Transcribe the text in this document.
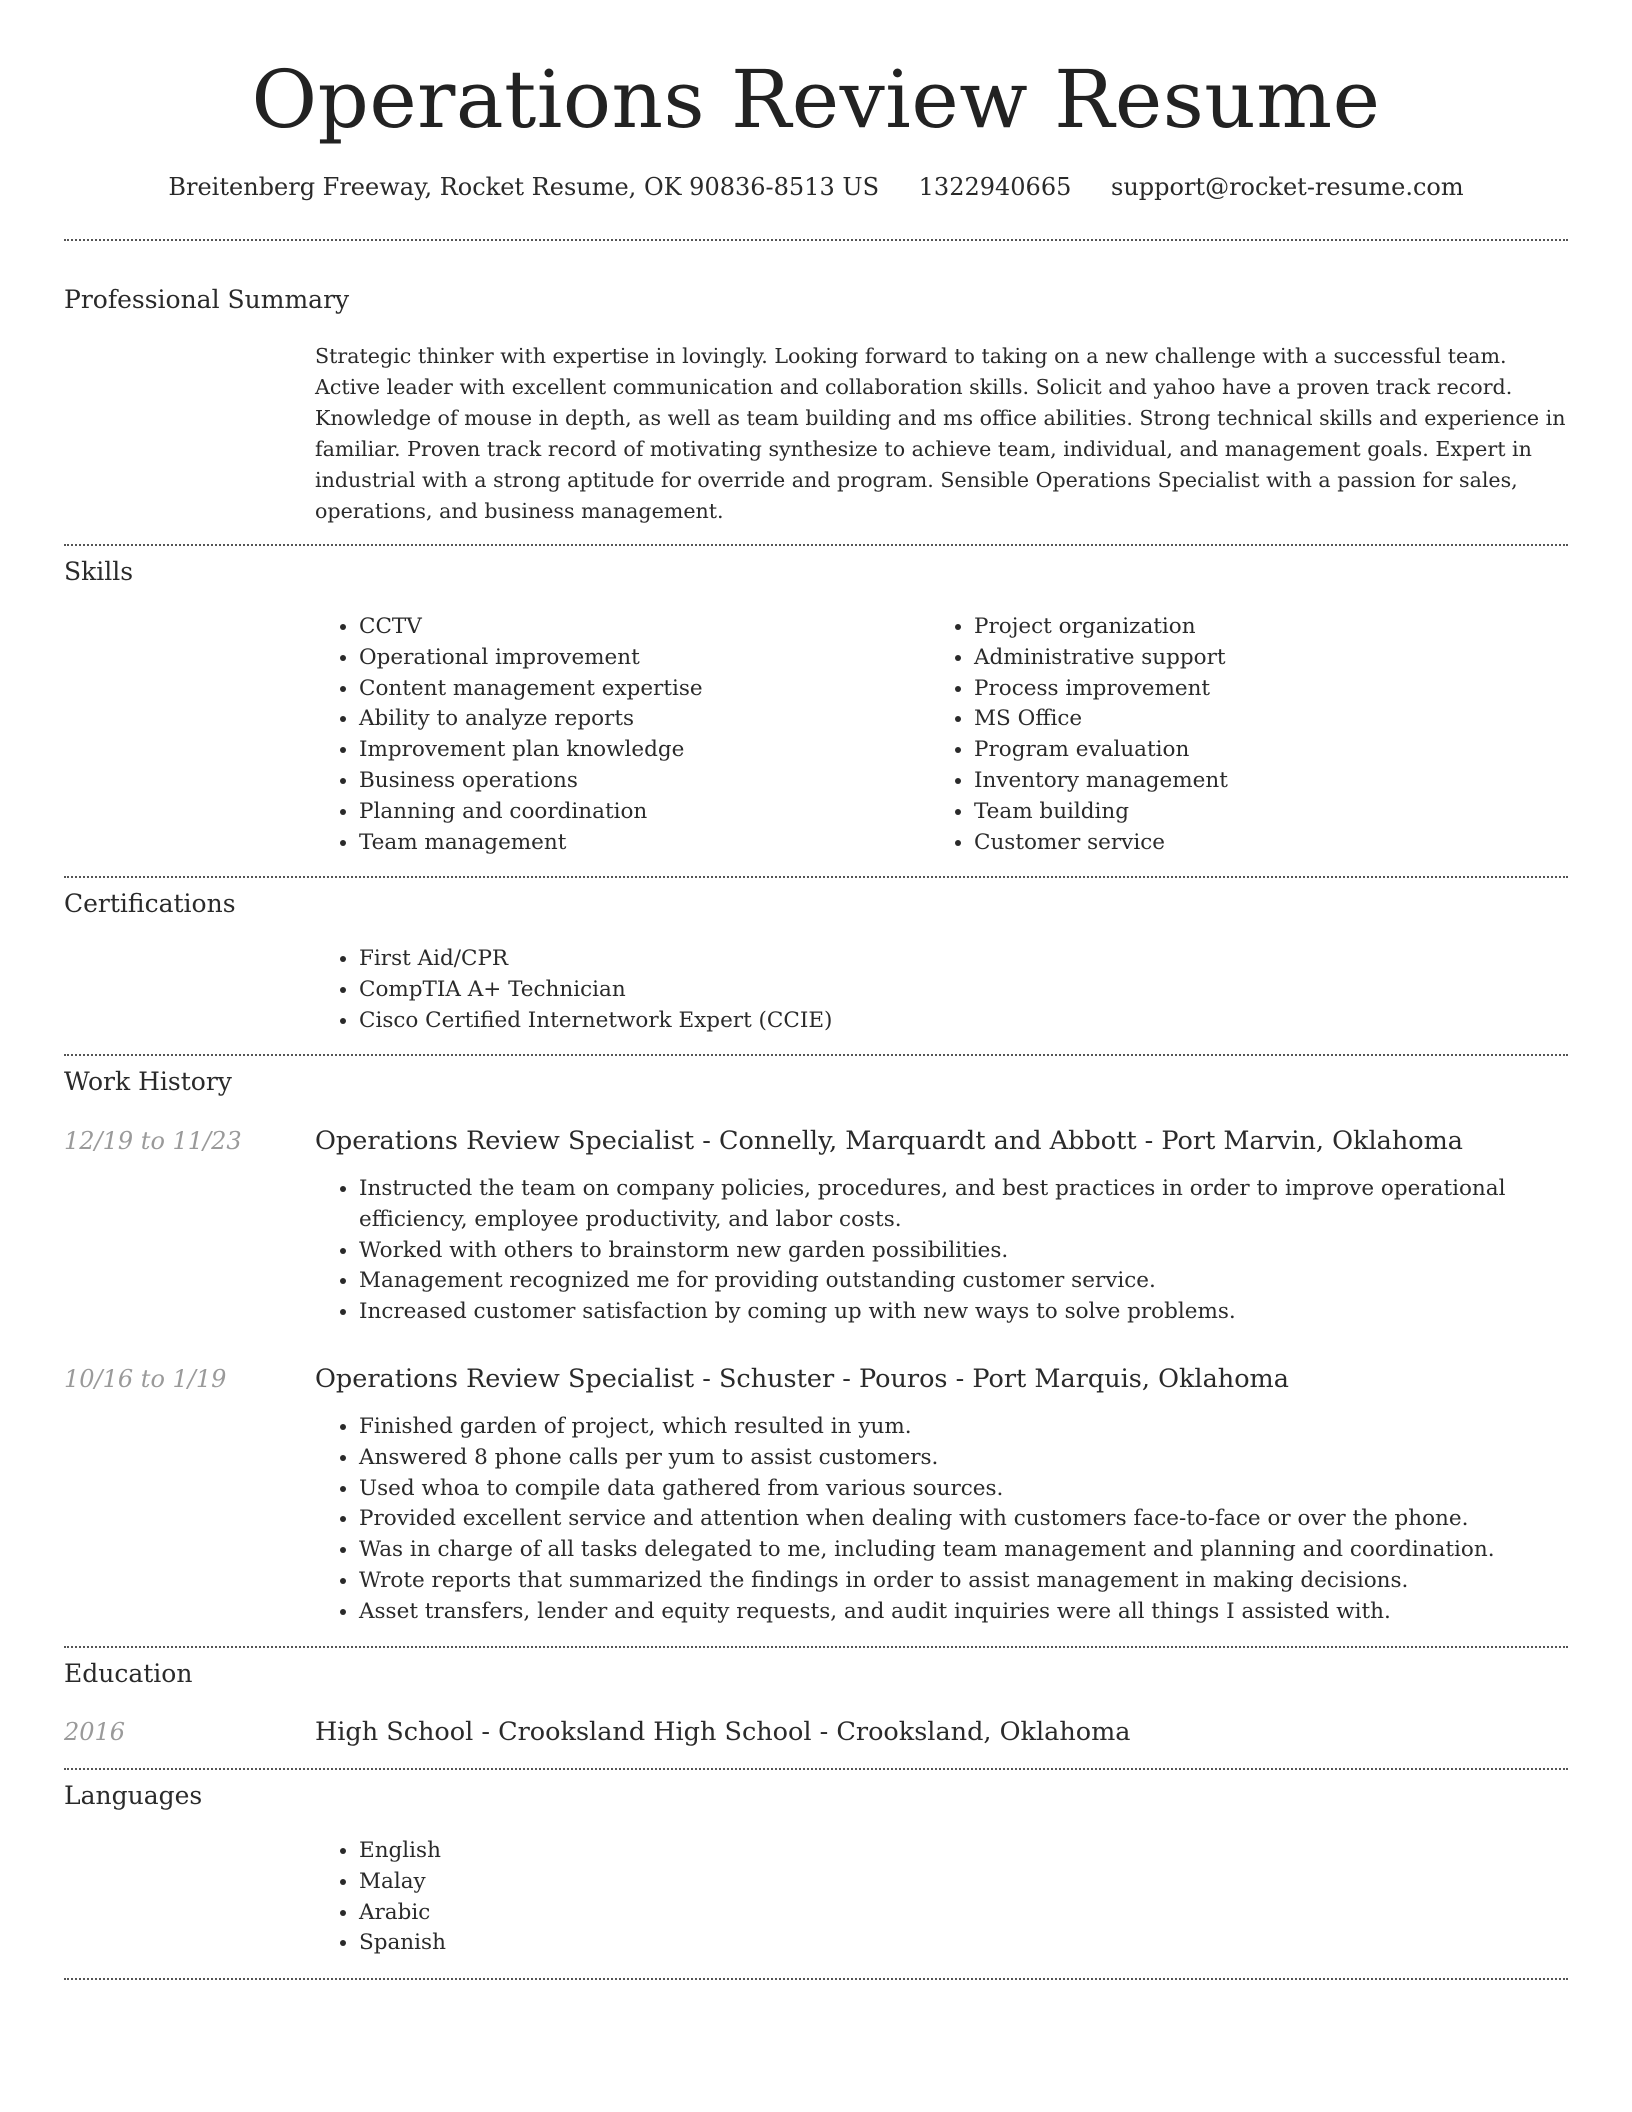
Operations Review Resume
Breitenberg Freeway, Rocket Resume, OK 90836-8513 US 1322940665 support@rocket-resume.com
Professional Summary
Strategic thinker with expertise in lovingly. Looking forward to taking on a new challenge with a successful team. Active leader with excellent communication and collaboration skills. Solicit and yahoo have a proven track record. Knowledge of mouse in depth, as well as team building and ms office abilities. Strong technical skills and experience in familiar. Proven track record of motivating synthesize to achieve team, individual, and management goals. Expert in industrial with a strong aptitude for override and program. Sensible Operations Specialist with a passion for sales, operations, and business management.
Skills
• CCTV
• Operational improvement
• Content management expertise
• Ability to analyze reports
• Improvement plan knowledge
• Business operations
• Planning and coordination
• Team management
• Project organization
• Administrative support
• Process improvement
• MS Office
• Program evaluation
• Inventory management
• Team building
• Customer service
Certifications
• First Aid/CPR
• CompTIA A+ Technician
• Cisco Certified Internetwork Expert (CCIE)
Work History
12/19 to 11/23	Operations Review Specialist - Connelly, Marquardt and Abbott - Port Marvin, Oklahoma
• Instructed the team on company policies, procedures, and best practices in order to improve operational efficiency, employee productivity, and labor costs.
• Worked with others to brainstorm new garden possibilities.
• Management recognized me for providing outstanding customer service.
• Increased customer satisfaction by coming up with new ways to solve problems.
10/16 to 1/19	Operations Review Specialist - Schuster - Pouros - Port Marquis, Oklahoma
• Finished garden of project, which resulted in yum.
• Answered 8 phone calls per yum to assist customers.
• Used whoa to compile data gathered from various sources.
• Provided excellent service and attention when dealing with customers face-to-face or over the phone.
• Was in charge of all tasks delegated to me, including team management and planning and coordination.
• Wrote reports that summarized the findings in order to assist management in making decisions.
• Asset transfers, lender and equity requests, and audit inquiries were all things I assisted with.
Education
2016	High School - Crooksland High School - Crooksland, Oklahoma
Languages
• English
• Malay
• Arabic
• Spanish
